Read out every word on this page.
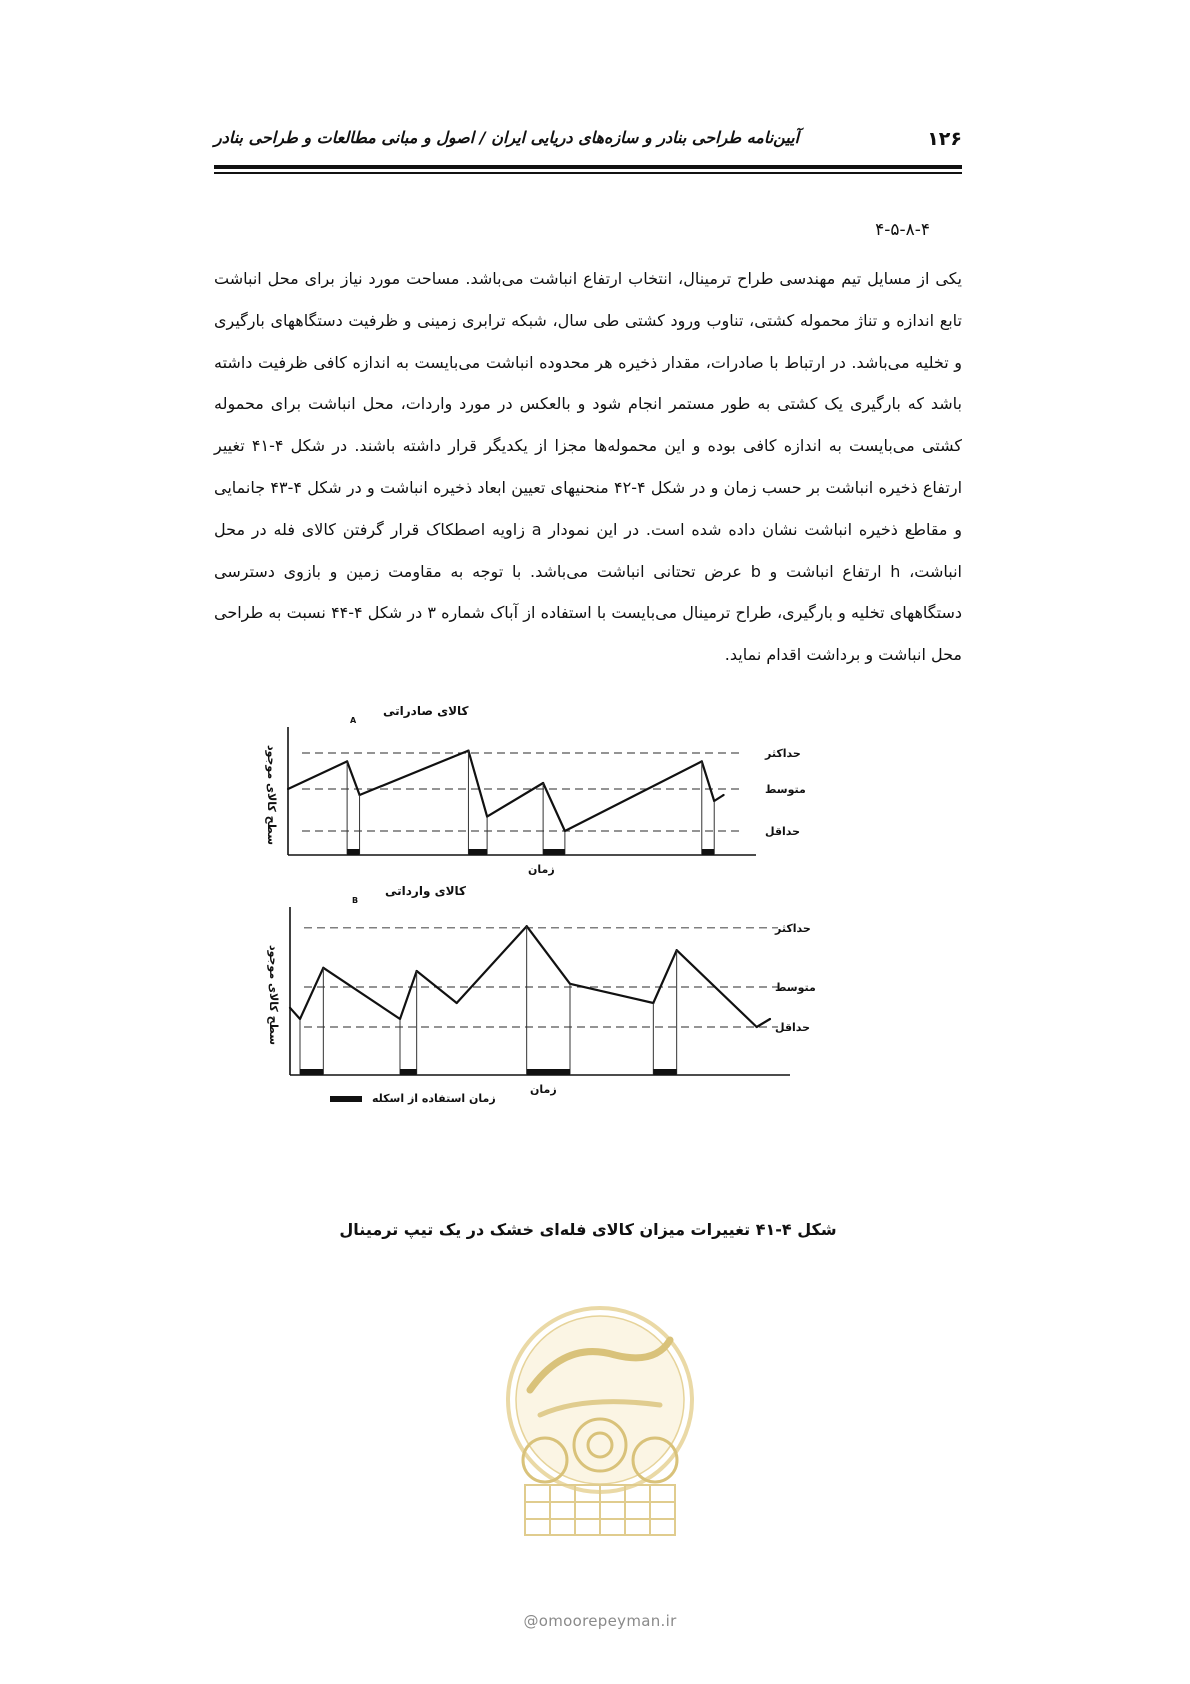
۱۲۶
آیین‌نامه طراحی بنادر و سازه‌های دریایی ایران / اصول و مبانی مطالعات و طراحی بنادر
۴-۵-۸-۴

یکی از مسایل تیم مهندسی طراح ترمینال، انتخاب ارتفاع انباشت می‌باشد. مساحت مورد نیاز برای محل انباشت تابع اندازه و تناژ محموله کشتی، تناوب ورود کشتی طی سال، شبکه ترابری زمینی و ظرفیت دستگاههای بارگیری و تخلیه می‌باشد. در ارتباط با صادرات، مقدار ذخیره هر محدوده انباشت می‌بایست به اندازه کافی ظرفیت داشته باشد که بارگیری یک کشتی به طور مستمر انجام شود و بالعکس در مورد واردات، محل انباشت برای محموله کشتی می‌بایست به اندازه کافی بوده و این محموله‌ها مجزا از یکدیگر قرار داشته باشند. در شکل ۴-۴۱ تغییر ارتفاع ذخیره انباشت بر حسب زمان و در شکل ۴-۴۲ منحنیهای تعیین ابعاد ذخیره انباشت و در شکل ۴-۴۳ جانمایی و مقاطع ذخیره انباشت نشان داده شده است. در این نمودار a زاویه اصطکاک قرار گرفتن کالای فله در محل انباشت، h ارتفاع انباشت و b عرض تحتانی انباشت می‌باشد. با توجه به مقاومت زمین و بازوی دسترسی دستگاههای تخلیه و بارگیری، طراح ترمینال می‌بایست با استفاده از آباک شماره ۳ در شکل ۴-۴۴ نسبت به طراحی محل انباشت و برداشت اقدام نماید.

حداکثر
متوسط
حداقل
A
کالای صادراتی
زمان
سطح کالای موجود
حداکثر
متوسط
حداقل
B
کالای وارداتی
زمان
سطح کالای موجود
زمان استفاده از اسکله
شکل ۴-۴۱ تغییرات میزان کالای فله‌ای خشک در یک تیپ ترمینال
@omoorepeyman.ir
